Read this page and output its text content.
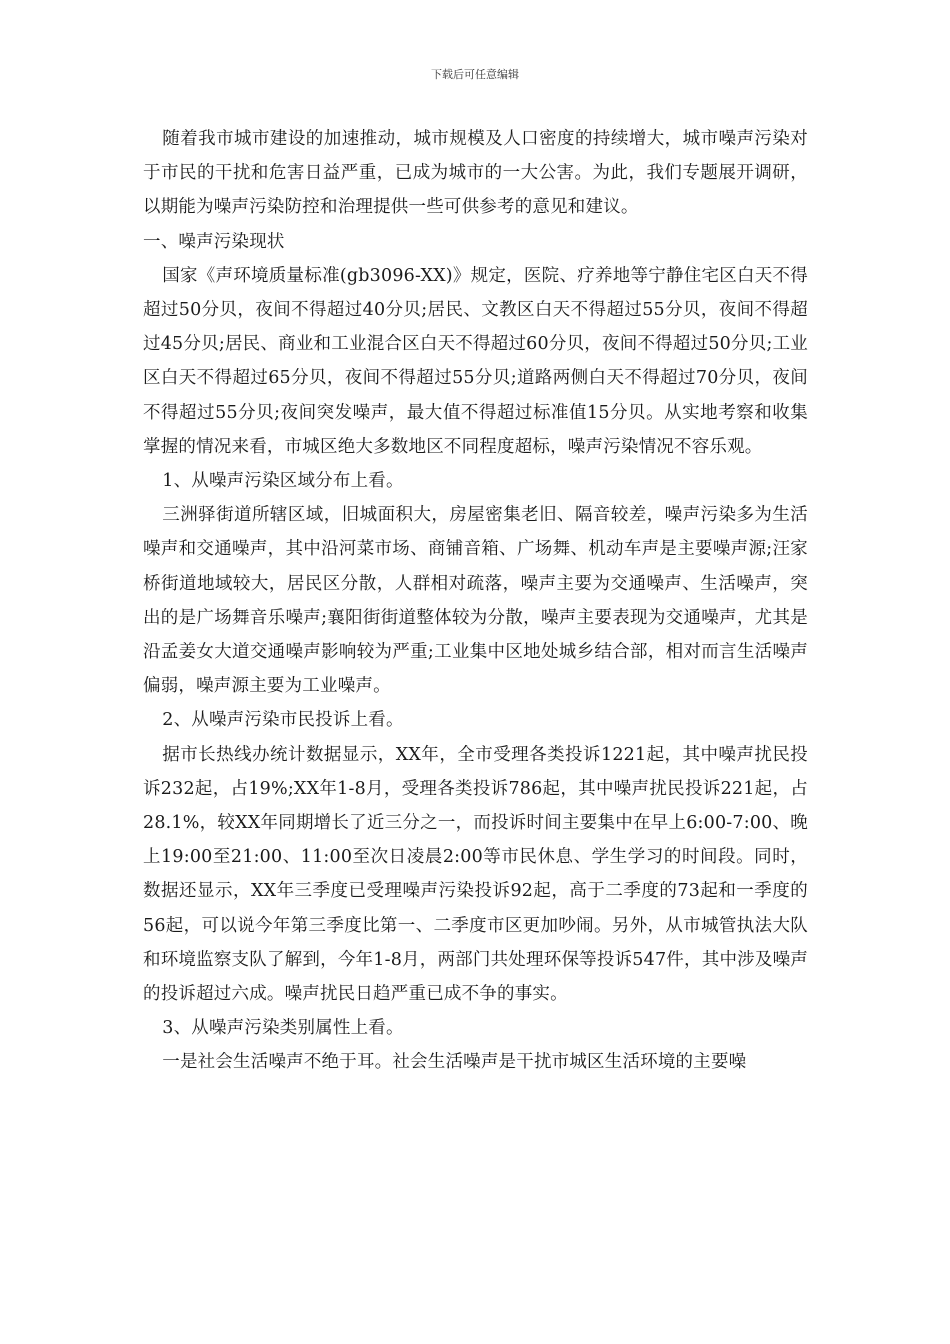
下载后可任意编辑

随着我市城市建设的加速推动，城市规模及人口密度的持续增大，城市噪声污染对于市民的干扰和危害日益严重，已成为城市的一大公害。为此，我们专题展开调研，以期能为噪声污染防控和治理提供一些可供参考的意见和建议。

一、噪声污染现状

国家《声环境质量标准(gb3096-XX)》规定，医院、疗养地等宁静住宅区白天不得超过50分贝，夜间不得超过40分贝;居民、文教区白天不得超过55分贝，夜间不得超过45分贝;居民、商业和工业混合区白天不得超过60分贝，夜间不得超过50分贝;工业区白天不得超过65分贝，夜间不得超过55分贝;道路两侧白天不得超过70分贝，夜间不得超过55分贝;夜间突发噪声，最大值不得超过标准值15分贝。从实地考察和收集掌握的情况来看，市城区绝大多数地区不同程度超标，噪声污染情况不容乐观。

1、从噪声污染区域分布上看。

三洲驿街道所辖区域，旧城面积大，房屋密集老旧、隔音较差，噪声污染多为生活噪声和交通噪声，其中沿河菜市场、商铺音箱、广场舞、机动车声是主要噪声源;汪家桥街道地域较大，居民区分散，人群相对疏落，噪声主要为交通噪声、生活噪声，突出的是广场舞音乐噪声;襄阳街街道整体较为分散，噪声主要表现为交通噪声，尤其是沿孟姜女大道交通噪声影响较为严重;工业集中区地处城乡结合部，相对而言生活噪声偏弱，噪声源主要为工业噪声。

2、从噪声污染市民投诉上看。

据市长热线办统计数据显示，XX年，全市受理各类投诉1221起，其中噪声扰民投诉232起，占19%;XX年1-8月，受理各类投诉786起，其中噪声扰民投诉221起，占28.1%，较XX年同期增长了近三分之一，而投诉时间主要集中在早上6:00-7:00、晚上19:00至21:00、11:00至次日凌晨2:00等市民休息、学生学习的时间段。同时，数据还显示，XX年三季度已受理噪声污染投诉92起，高于二季度的73起和一季度的56起，可以说今年第三季度比第一、二季度市区更加吵闹。另外，从市城管执法大队和环境监察支队了解到，今年1-8月，两部门共处理环保等投诉547件，其中涉及噪声的投诉超过六成。噪声扰民日趋严重已成不争的事实。

3、从噪声污染类别属性上看。

一是社会生活噪声不绝于耳。社会生活噪声是干扰市城区生活环境的主要噪
